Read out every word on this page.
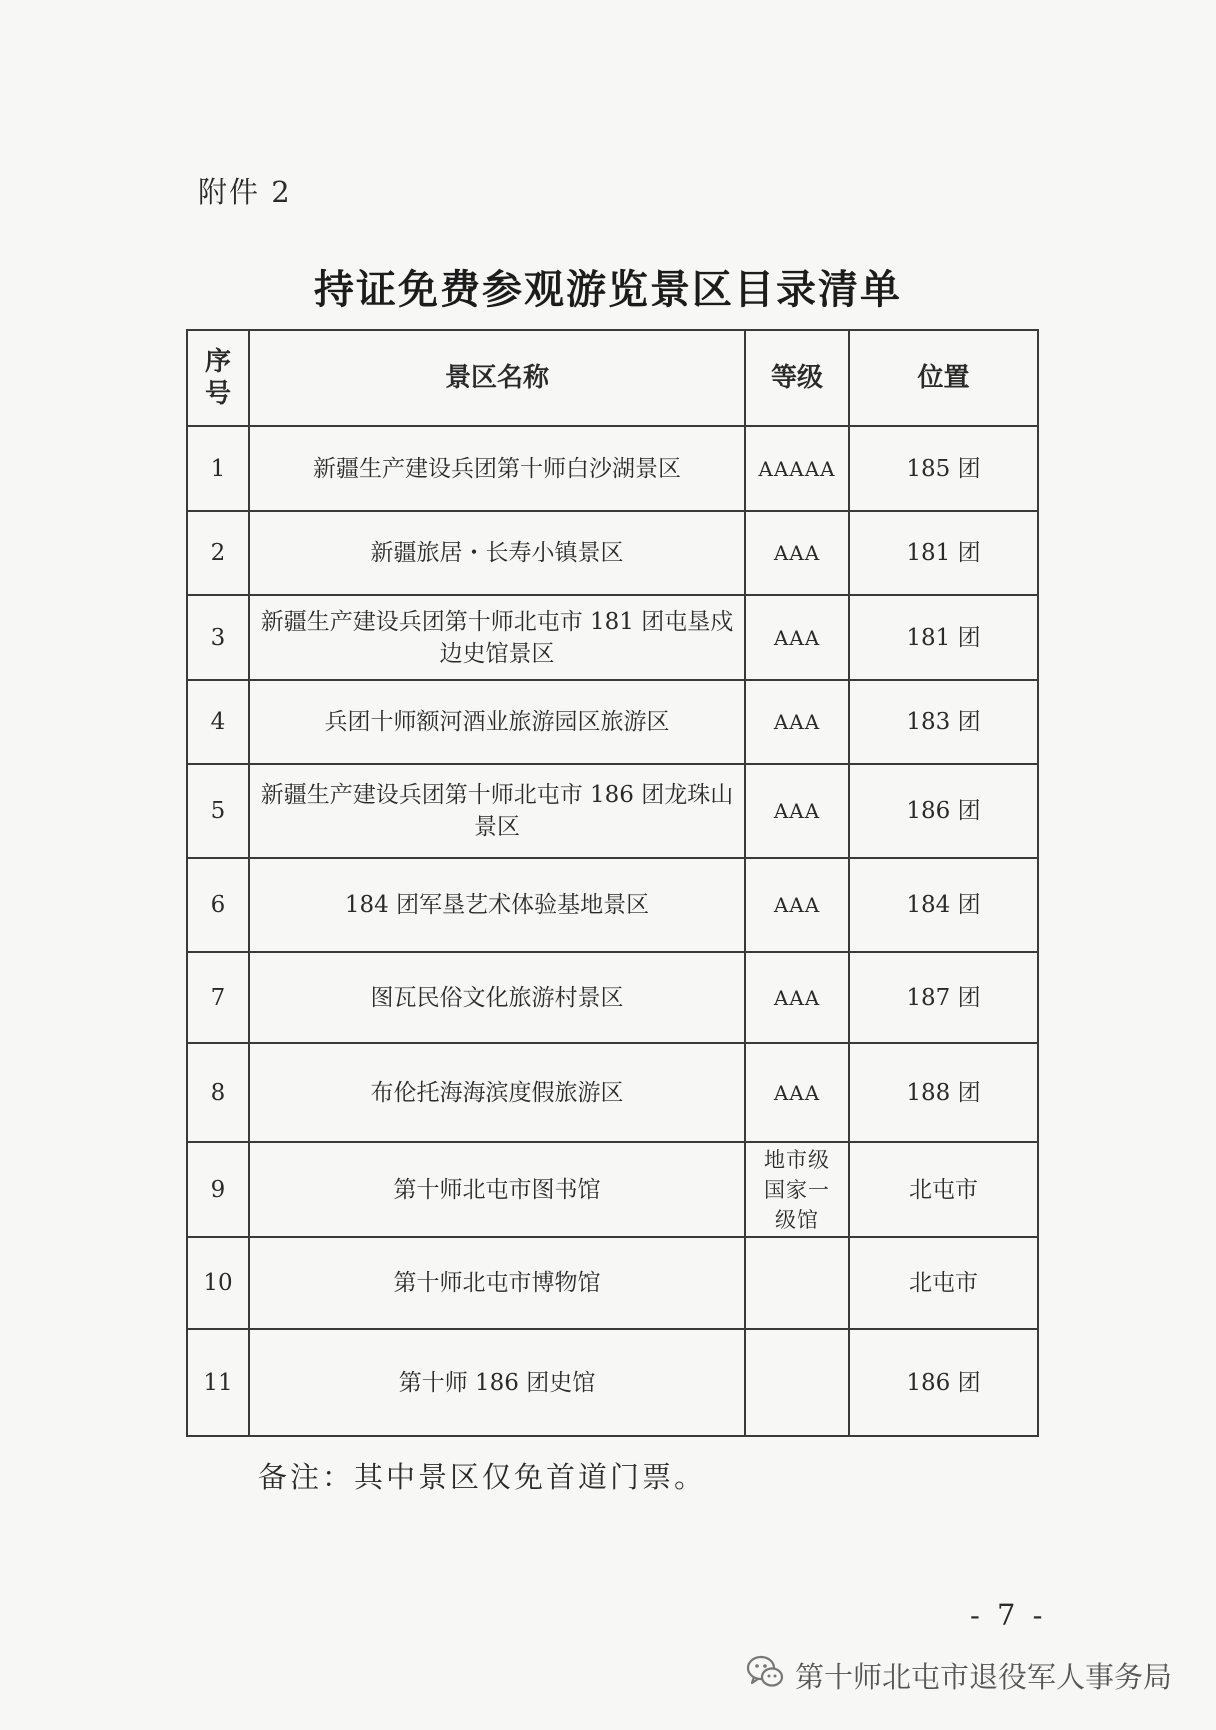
附件 2
持证免费参观游览景区目录清单
序号	景区名称	等级	位置
1	新疆生产建设兵团第十师白沙湖景区	AAAAA	185 团
2	新疆旅居・长寿小镇景区	AAA	181 团
3	新疆生产建设兵团第十师北屯市 181 团屯垦戍边史馆景区	AAA	181 团
4	兵团十师额河酒业旅游园区旅游区	AAA	183 团
5	新疆生产建设兵团第十师北屯市 186 团龙珠山景区	AAA	186 团
6	184 团军垦艺术体验基地景区	AAA	184 团
7	图瓦民俗文化旅游村景区	AAA	187 团
8	布伦托海海滨度假旅游区	AAA	188 团
9	第十师北屯市图书馆	地市级国家一级馆	北屯市
10	第十师北屯市博物馆		北屯市
11	第十师 186 团史馆		186 团
备注：其中景区仅免首道门票。
- 7 -
第十师北屯市退役军人事务局
